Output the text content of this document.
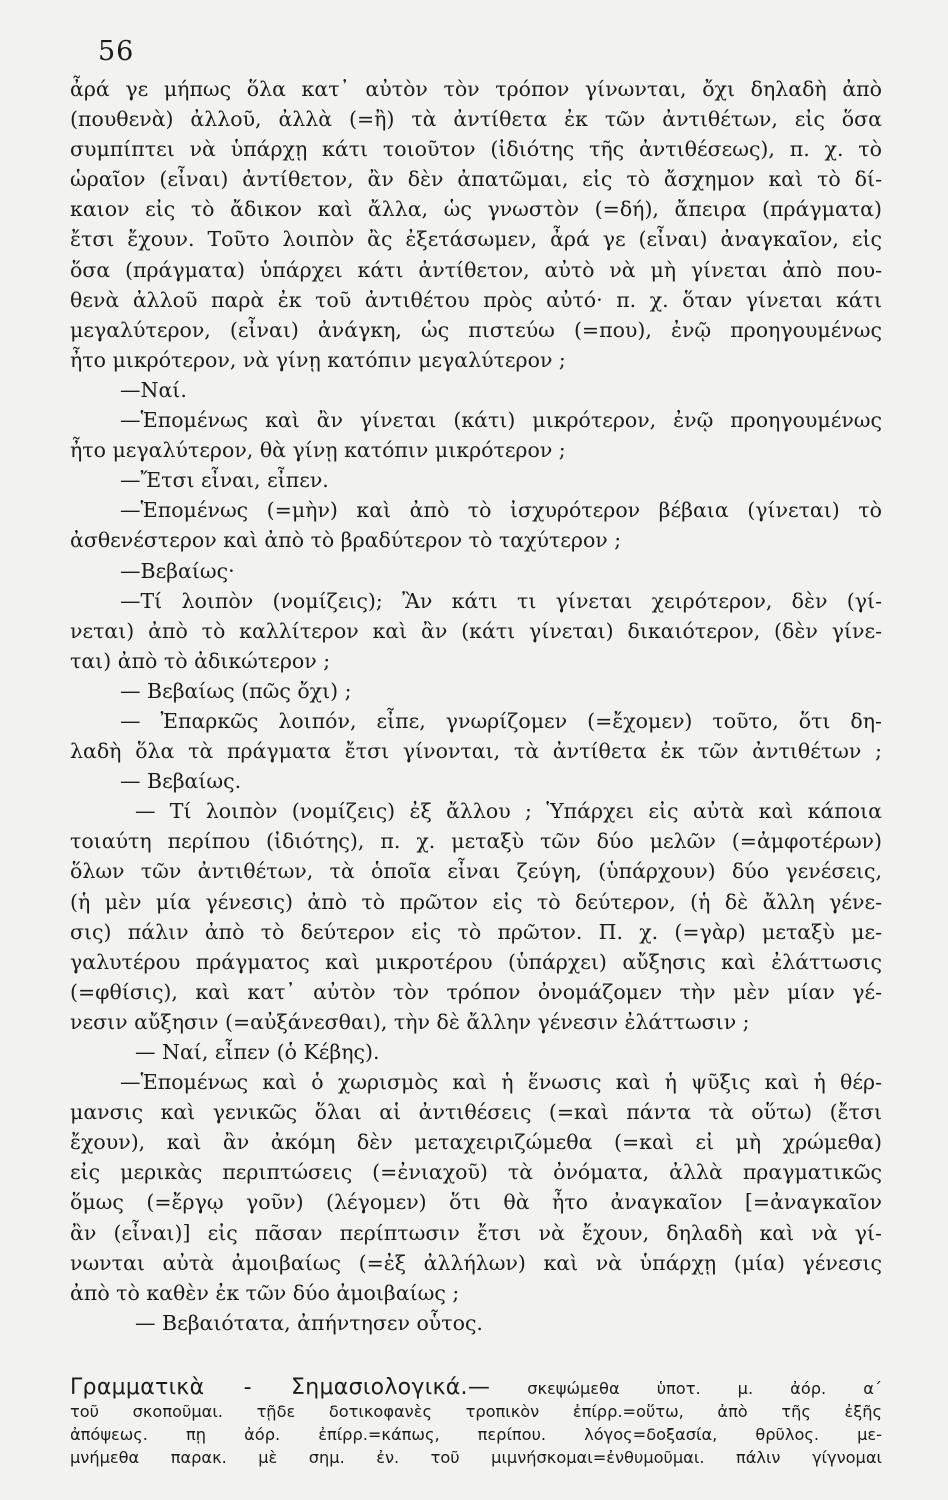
56
ἆρά γε μήπως ὅλα κατ᾽ αὐτὸν τὸν τρόπον γίνωνται, ὄχι δηλαδὴ ἀπὸ
(πουθενὰ) ἀλλοῦ, ἀλλὰ (=ἢ) τὰ ἀντίθετα ἐκ τῶν ἀντιθέτων, εἰς ὅσα
συμπίπτει νὰ ὑπάρχῃ κάτι τοιοῦτον (ἰδιότης τῆς ἀντιθέσεως), π. χ. τὸ
ὡραῖον (εἶναι) ἀντίθετον, ἂν δὲν ἀπατῶμαι, εἰς τὸ ἄσχημον καὶ τὸ δί-
καιον εἰς τὸ ἄδικον καὶ ἄλλα, ὡς γνωστὸν (=δή), ἄπειρα (πράγματα)
ἔτσι ἔχουν. Τοῦτο λοιπὸν ἂς ἐξετάσωμεν, ἆρά γε (εἶναι) ἀναγκαῖον, εἰς
ὅσα (πράγματα) ὑπάρχει κάτι ἀντίθετον, αὐτὸ νὰ μὴ γίνεται ἀπὸ που-
θενὰ ἀλλοῦ παρὰ ἐκ τοῦ ἀντιθέτου πρὸς αὐτό· π. χ. ὅταν γίνεται κάτι
μεγαλύτερον, (εἶναι) ἀνάγκη, ὡς πιστεύω (=που), ἐνῷ προηγουμένως
ἦτο μικρότερον, νὰ γίνῃ κατόπιν μεγαλύτερον ;
—Ναί.
—Ἑπομένως καὶ ἂν γίνεται (κάτι) μικρότερον, ἐνῷ προηγουμένως
ἦτο μεγαλύτερον, θὰ γίνῃ κατόπιν μικρότερον ;
—Ἔτσι εἶναι, εἶπεν.
—Ἑπομένως (=μὴν) καὶ ἀπὸ τὸ ἰσχυρότερον βέβαια (γίνεται) τὸ
ἀσθενέστερον καὶ ἀπὸ τὸ βραδύτερον τὸ ταχύτερον ;
—Βεβαίως·
—Τί λοιπὸν (νομίζεις); Ἂν κάτι τι γίνεται χειρότερον, δὲν (γί-
νεται) ἀπὸ τὸ καλλίτερον καὶ ἂν (κάτι γίνεται) δικαιότερον, (δὲν γίνε-
ται) ἀπὸ τὸ ἀδικώτερον ;
— Βεβαίως (πῶς ὄχι) ;
— Ἐπαρκῶς λοιπόν, εἶπε, γνωρίζομεν (=ἔχομεν) τοῦτο, ὅτι δη-
λαδὴ ὅλα τὰ πράγματα ἔτσι γίνονται, τὰ ἀντίθετα ἐκ τῶν ἀντιθέτων ;
— Βεβαίως.
— Τί λοιπὸν (νομίζεις) ἐξ ἄλλου ; Ὑπάρχει εἰς αὐτὰ καὶ κάποια
τοιαύτη περίπου (ἰδιότης), π. χ. μεταξὺ τῶν δύο μελῶν (=ἀμφοτέρων)
ὅλων τῶν ἀντιθέτων, τὰ ὁποῖα εἶναι ζεύγη, (ὑπάρχουν) δύο γενέσεις,
(ἡ μὲν μία γένεσις) ἀπὸ τὸ πρῶτον εἰς τὸ δεύτερον, (ἡ δὲ ἄλλη γένε-
σις) πάλιν ἀπὸ τὸ δεύτερον εἰς τὸ πρῶτον. Π. χ. (=γὰρ) μεταξὺ με-
γαλυτέρου πράγματος καὶ μικροτέρου (ὑπάρχει) αὔξησις καὶ ἐλάττωσις
(=φθίσις), καὶ κατ᾽ αὐτὸν τὸν τρόπον ὀνομάζομεν τὴν μὲν μίαν γέ-
νεσιν αὔξησιν (=αὐξάνεσθαι), τὴν δὲ ἄλλην γένεσιν ἐλάττωσιν ;
— Ναί, εἶπεν (ὁ Κέβης).
—Ἑπομένως καὶ ὁ χωρισμὸς καὶ ἡ ἕνωσις καὶ ἡ ψῦξις καὶ ἡ θέρ-
μανσις καὶ γενικῶς ὅλαι αἱ ἀντιθέσεις (=καὶ πάντα τὰ οὕτω) (ἔτσι
ἔχουν), καὶ ἂν ἀκόμη δὲν μεταχειριζώμεθα (=καὶ εἰ μὴ χρώμεθα)
εἰς μερικὰς περιπτώσεις (=ἐνιαχοῦ) τὰ ὀνόματα, ἀλλὰ πραγματικῶς
ὅμως (=ἔργῳ γοῦν) (λέγομεν) ὅτι θὰ ἦτο ἀναγκαῖον [=ἀναγκαῖον
ἂν (εἶναι)] εἰς πᾶσαν περίπτωσιν ἔτσι νὰ ἔχουν, δηλαδὴ καὶ νὰ γί-
νωνται αὐτὰ ἀμοιβαίως (=ἐξ ἀλλήλων) καὶ νὰ ὑπάρχῃ (μία) γένεσις
ἀπὸ τὸ καθὲν ἐκ τῶν δύο ἀμοιβαίως ;
— Βεβαιότατα, ἀπήντησεν οὗτος.
Γραμματικὰ - Σημασιολογικά.— σκεψώμεθα ὑποτ. μ. ἀόρ. α΄
τοῦ σκοποῦμαι. τῇδε δοτικοφανὲς τροπικὸν ἐπίρρ.=οὕτω, ἀπὸ τῆς ἐξῆς
ἀπόψεως. πῃ ἀόρ. ἐπίρρ.=κάπως, περίπου. λόγος=δοξασία, θρῦλος. με-
μνήμεθα παρακ. μὲ σημ. ἐν. τοῦ μιμνήσκομαι=ἐνθυμοῦμαι. πάλιν γίγνομαι
